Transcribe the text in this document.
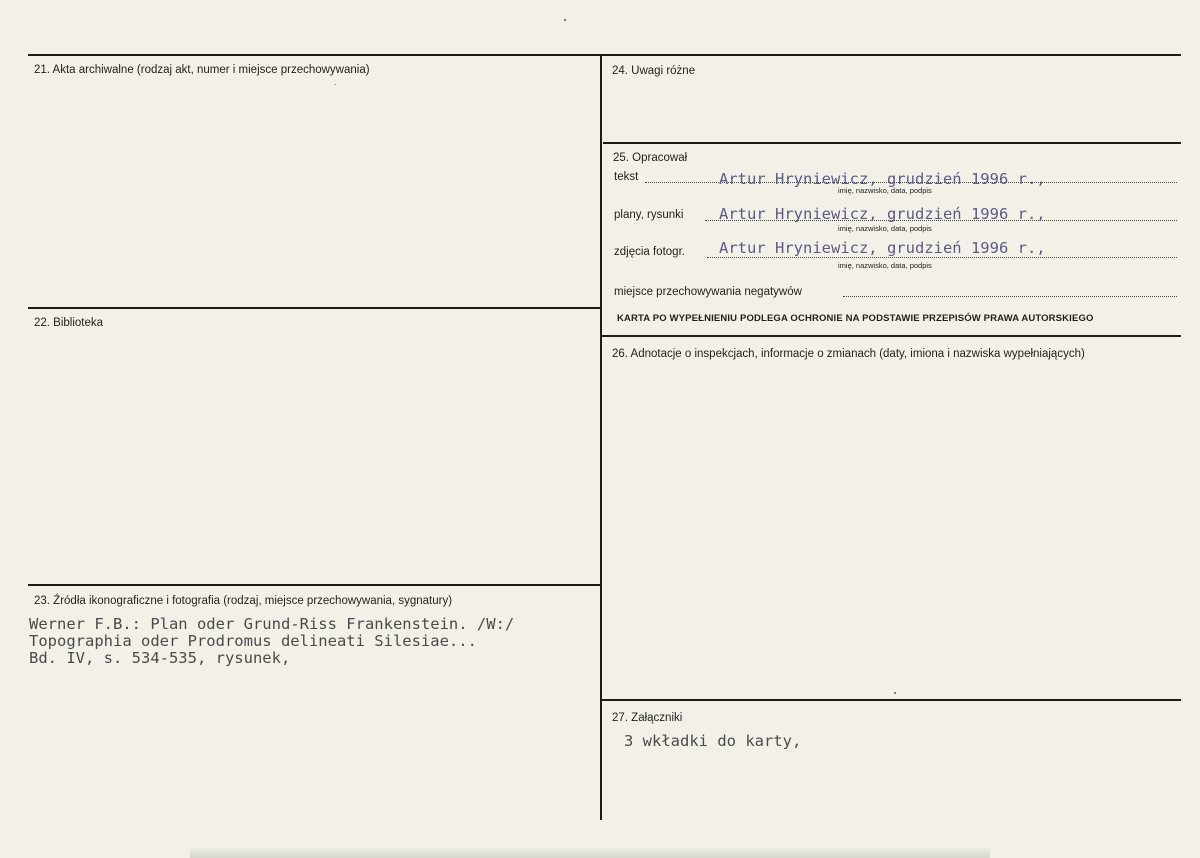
21. Akta archiwalne (rodzaj akt, numer i miejsce przechowywania)
22. Biblioteka
23. Źródła ikonograficzne i fotografia (rodzaj, miejsce przechowywania, sygnatury)
Werner F.B.: Plan oder Grund-Riss Frankenstein. /W:/
Topographia oder Prodromus delineati Silesiae...
Bd. IV, s. 534-535, rysunek,
24. Uwagi różne
25. Opracował
tekst	Artur Hryniewicz, grudzień 1996 r.,
imię, nazwisko, data, podpis
plany, rysunki Artur Hryniewicz, grudzień 1996 r.,
imię, nazwisko, data, podpis
zdjęcia fotogr. Artur Hryniewicz, grudzień 1996 r.,
imię, nazwisko, data, podpis
miejsce przechowywania negatywów
KARTA PO WYPEŁNIENIU PODLEGA OCHRONIE NA PODSTAWIE PRZEPISÓW PRAWA AUTORSKIEGO
26. Adnotacje o inspekcjach, informacje o zmianach (daty, imiona i nazwiska wypełniających)
27. Załączniki
3 wkładki do karty,
